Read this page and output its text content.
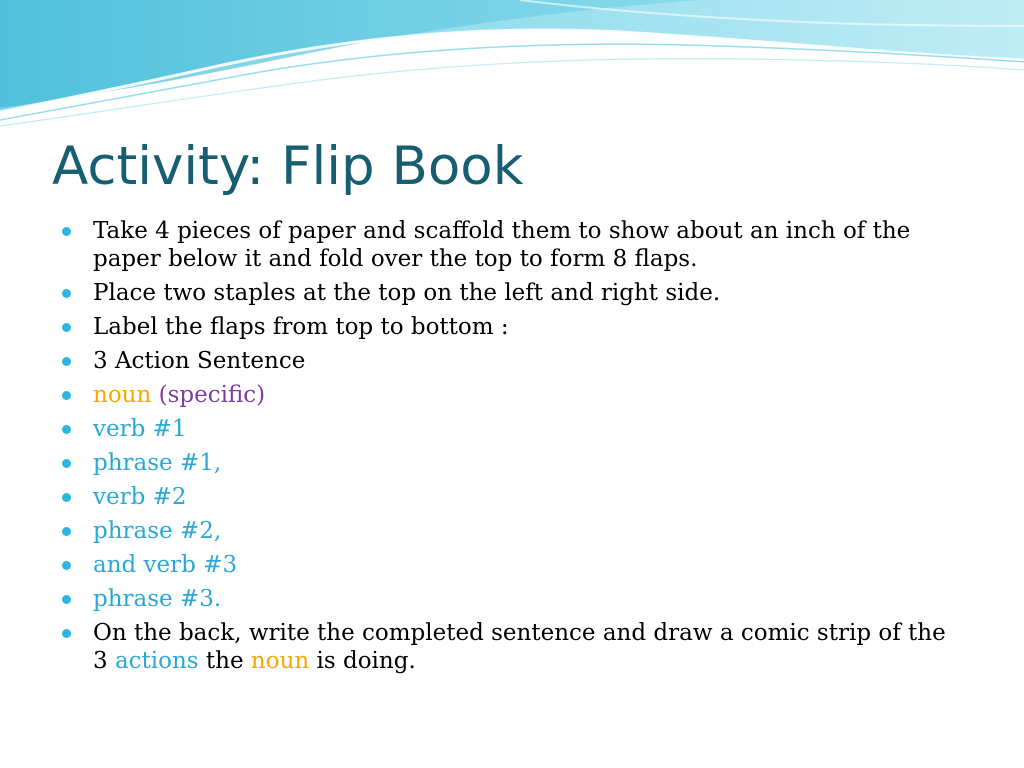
Activity: Flip Book
Take 4 pieces of paper and scaffold them to show about an inch of the paper below it and fold over the top to form 8 flaps.
Place two staples at the top on the left and right side.
Label the flaps from top to bottom :
3 Action Sentence
noun (specific)
verb #1
phrase #1,
verb #2
phrase #2,
and verb #3
phrase #3.
On the back, write the completed sentence and draw a comic strip of the 3 actions the noun is doing.
